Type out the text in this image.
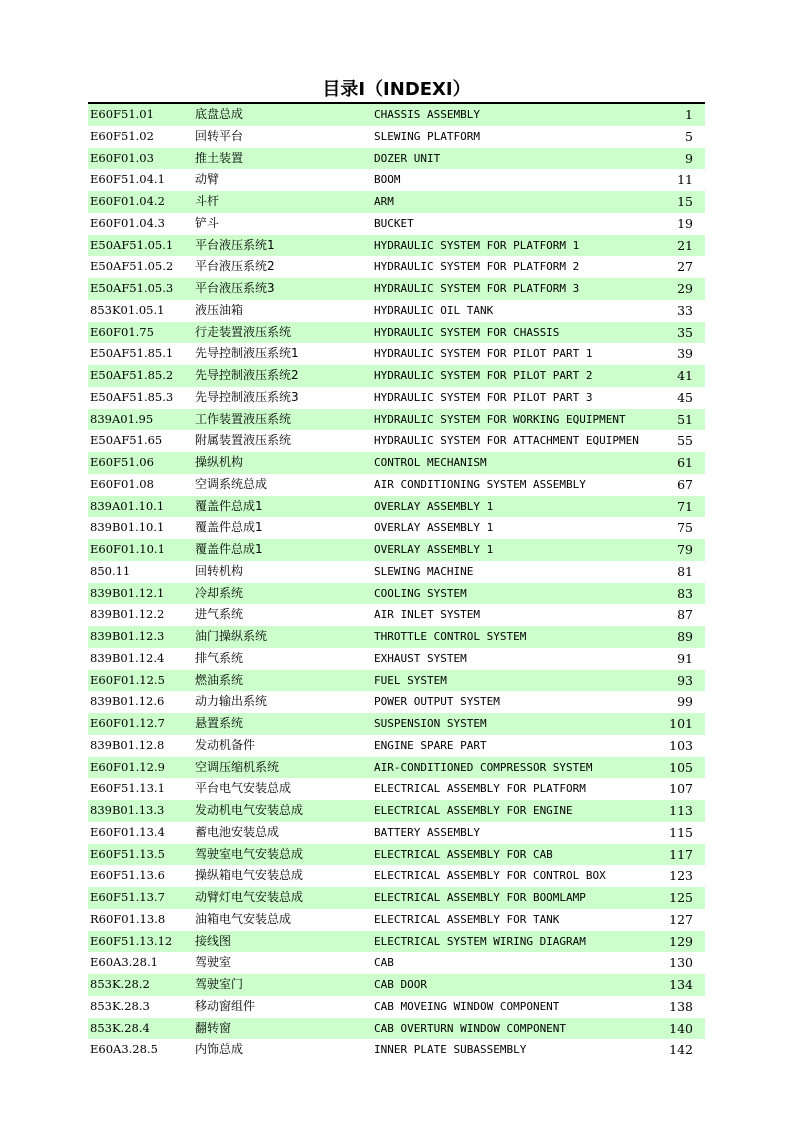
目录Ⅰ（INDEXⅠ）
E60F51.01	底盘总成	CHASSIS ASSEMBLY	1
E60F51.02	回转平台	SLEWING PLATFORM	5
E60F01.03	推土装置	DOZER UNIT	9
E60F51.04.1	动臂	BOOM	11
E60F01.04.2	斗杆	ARM	15
E60F01.04.3	铲斗	BUCKET	19
E50AF51.05.1 平台液压系统1	HYDRAULIC SYSTEM FOR PLATFORM 1	21
E50AF51.05.2 平台液压系统2	HYDRAULIC SYSTEM FOR PLATFORM 2	27
E50AF51.05.3 平台液压系统3	HYDRAULIC SYSTEM FOR PLATFORM 3	29
853K01.05.1	液压油箱	HYDRAULIC OIL TANK	33
E60F01.75	行走装置液压系统	HYDRAULIC SYSTEM FOR CHASSIS	35
E50AF51.85.1 先导控制液压系统1	HYDRAULIC SYSTEM FOR PILOT PART 1	39
E50AF51.85.2 先导控制液压系统2	HYDRAULIC SYSTEM FOR PILOT PART 2	41
E50AF51.85.3 先导控制液压系统3	HYDRAULIC SYSTEM FOR PILOT PART 3	45
839A01.95	工作装置液压系统	HYDRAULIC SYSTEM FOR WORKING EQUIPMENT	51
E50AF51.65	附属装置液压系统	HYDRAULIC SYSTEM FOR ATTACHMENT EQUIPMEN	55
E60F51.06	操纵机构	CONTROL MECHANISM	61
E60F01.08	空调系统总成	AIR CONDITIONING SYSTEM ASSEMBLY	67
839A01.10.1	覆盖件总成1	OVERLAY ASSEMBLY 1	71
839B01.10.1	覆盖件总成1	OVERLAY ASSEMBLY 1	75
E60F01.10.1	覆盖件总成1	OVERLAY ASSEMBLY 1	79
850.11	回转机构	SLEWING MACHINE	81
839B01.12.1	冷却系统	COOLING SYSTEM	83
839B01.12.2	进气系统	AIR INLET SYSTEM	87
839B01.12.3	油门操纵系统	THROTTLE CONTROL SYSTEM	89
839B01.12.4	排气系统	EXHAUST SYSTEM	91
E60F01.12.5	燃油系统	FUEL SYSTEM	93
839B01.12.6	动力输出系统	POWER OUTPUT SYSTEM	99
E60F01.12.7	悬置系统	SUSPENSION SYSTEM	101
839B01.12.8	发动机备件	ENGINE SPARE PART	103
E60F01.12.9	空调压缩机系统	AIR-CONDITIONED COMPRESSOR SYSTEM	105
E60F51.13.1	平台电气安装总成	ELECTRICAL ASSEMBLY FOR PLATFORM	107
839B01.13.3	发动机电气安装总成	ELECTRICAL ASSEMBLY FOR ENGINE	113
E60F01.13.4	蓄电池安装总成	BATTERY ASSEMBLY	115
E60F51.13.5	驾驶室电气安装总成	ELECTRICAL ASSEMBLY FOR CAB	117
E60F51.13.6	操纵箱电气安装总成	ELECTRICAL ASSEMBLY FOR CONTROL BOX	123
E60F51.13.7	动臂灯电气安装总成	ELECTRICAL ASSEMBLY FOR BOOMLAMP	125
R60F01.13.8 油箱电气安装总成	ELECTRICAL ASSEMBLY FOR TANK	127
E60F51.13.12 接线图	ELECTRICAL SYSTEM WIRING DIAGRAM	129
E60A3.28.1	驾驶室	CAB	130
853K.28.2	驾驶室门	CAB DOOR	134
853K.28.3	移动窗组件	CAB MOVEING WINDOW COMPONENT	138
853K.28.4	翻转窗	CAB OVERTURN WINDOW COMPONENT	140
E60A3.28.5	内饰总成	INNER PLATE SUBASSEMBLY	142
